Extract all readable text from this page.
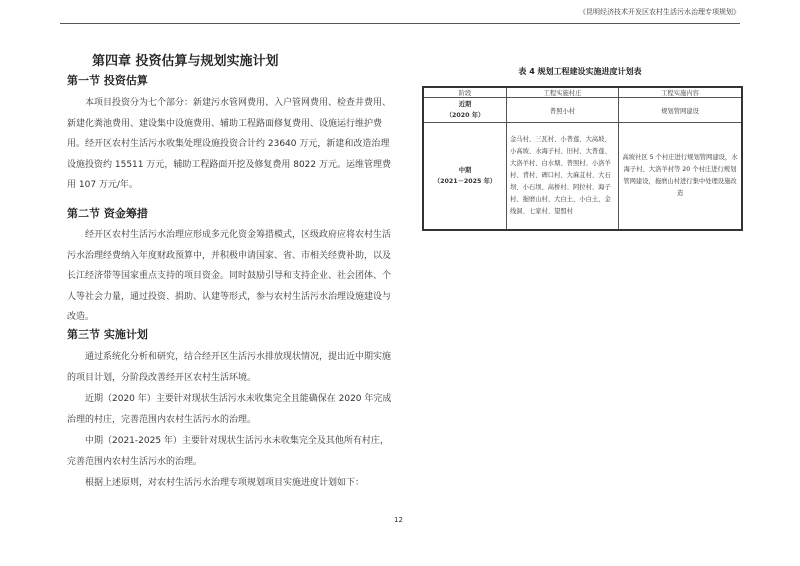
《昆明经济技术开发区农村生活污水治理专项规划》
第四章 投资估算与规划实施计划
第一节 投资估算

本项目投资分为七个部分：新建污水管网费用、入户管网费用、检查井费用、新建化粪池费用、建设集中设施费用、辅助工程路面修复费用、设施运行维护费用。经开区农村生活污水收集处理设施投资合计约 23640 万元，新建和改造治理设施投资约 15511 万元，辅助工程路面开挖及修复费用 8022 万元。运维管理费用 107 万元/年。

第二节 资金筹措

经开区农村生活污水治理应形成多元化资金筹措模式，区级政府应将农村生活污水治理经费纳入年度财政预算中，并积极申请国家、省、市相关经费补助，以及长江经济带等国家重点支持的项目资金。同时鼓励引导和支持企业、社会团体、个人等社会力量，通过投资、捐助、认建等形式，参与农村生活污水治理设施建设与改造。

第三节 实施计划

通过系统化分析和研究，结合经开区生活污水排放现状情况，提出近中期实施的项目计划，分阶段改善经开区农村生活环境。

近期（2020 年）主要针对现状生活污水未收集完全且能确保在 2020 年完成治理的村庄，完善范围内农村生活污水的治理。

中期（2021-2025 年）主要针对现状生活污水未收集完全及其他所有村庄，完善范围内农村生活污水的治理。

根据上述原则，对农村生活污水治理专项规划项目实施进度计划如下：

表 4 规划工程建设实施进度计划表
阶段	工程实施村庄	工程实施内容

近期
（2020 年）	普照小村	规划管网建设

中期
（2021－2025 年）	金马村、三瓦村、小普莲、大高坡、小高坡、水海子村、旧村、大普莲、大洛羊村、白水塘、普照村、小洛羊村、背村、碑口村、大麻苴村、大石坝、小石坝、高桥村、阿拉村、海子村、拖磨山村、大白土、小白土、金线洞、七家村、望盟村	高坡社区 5 个村庄进行规划管网建设，水海子村、大洛羊村等 20 个村庄进行规划管网建设，拖磨山村进行集中处理设施改造
12
